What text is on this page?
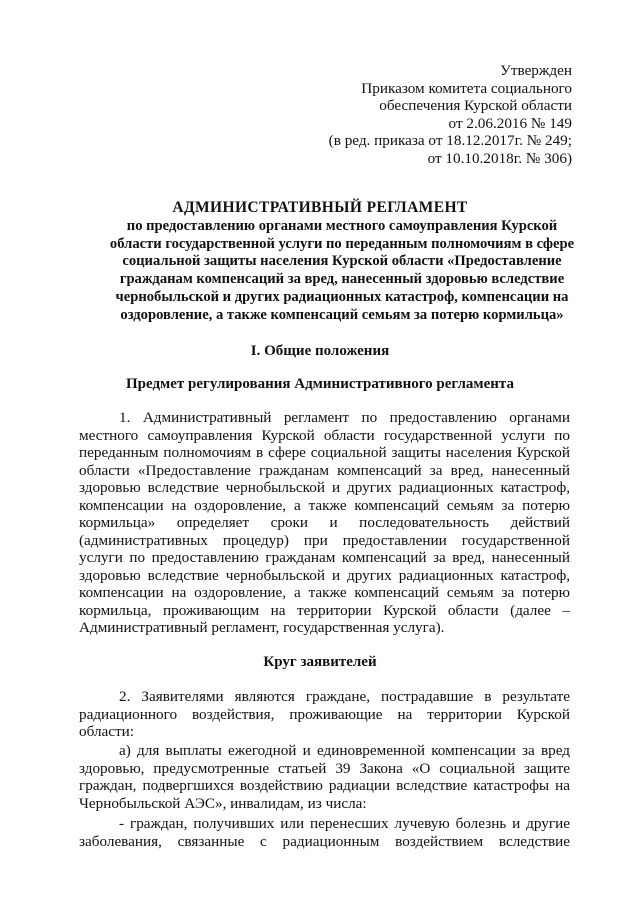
Утвержден
Приказом комитета социального
обеспечения Курской области
от 2.06.2016 № 149
(в ред. приказа от 18.12.2017г. № 249;
от 10.10.2018г. № 306)
АДМИНИСТРАТИВНЫЙ РЕГЛАМЕНТ
по предоставлению органами местного самоуправления Курской
области государственной услуги по переданным полномочиям в сфере
социальной защиты населения Курской области «Предоставление
гражданам компенсаций за вред, нанесенный здоровью вследствие
чернобыльской и других радиационных катастроф, компенсации на
оздоровление, а также компенсаций семьям за потерю кормильца»
I. Общие положения
Предмет регулирования Административного регламента
1. Административный регламент по предоставлению органами
местного самоуправления Курской области государственной услуги по
переданным полномочиям в сфере социальной защиты населения Курской
области «Предоставление гражданам компенсаций за вред, нанесенный
здоровью вследствие чернобыльской и других радиационных катастроф,
компенсации на оздоровление, а также компенсаций семьям за потерю
кормильца» определяет сроки и последовательность действий
(административных процедур) при предоставлении государственной
услуги по предоставлению гражданам компенсаций за вред, нанесенный
здоровью вследствие чернобыльской и других радиационных катастроф,
компенсации на оздоровление, а также компенсаций семьям за потерю
кормильца, проживающим на территории Курской области (далее –
Административный регламент, государственная услуга).
Круг заявителей
2. Заявителями являются граждане, пострадавшие в результате
радиационного воздействия, проживающие на территории Курской
области:
а) для выплаты ежегодной и единовременной компенсации за вред
здоровью, предусмотренные статьей 39 Закона «О социальной защите
граждан, подвергшихся воздействию радиации вследствие катастрофы на
Чернобыльской АЭС», инвалидам, из числа:
- граждан, получивших или перенесших лучевую болезнь и другие
заболевания, связанные с радиационным воздействием вследствие
